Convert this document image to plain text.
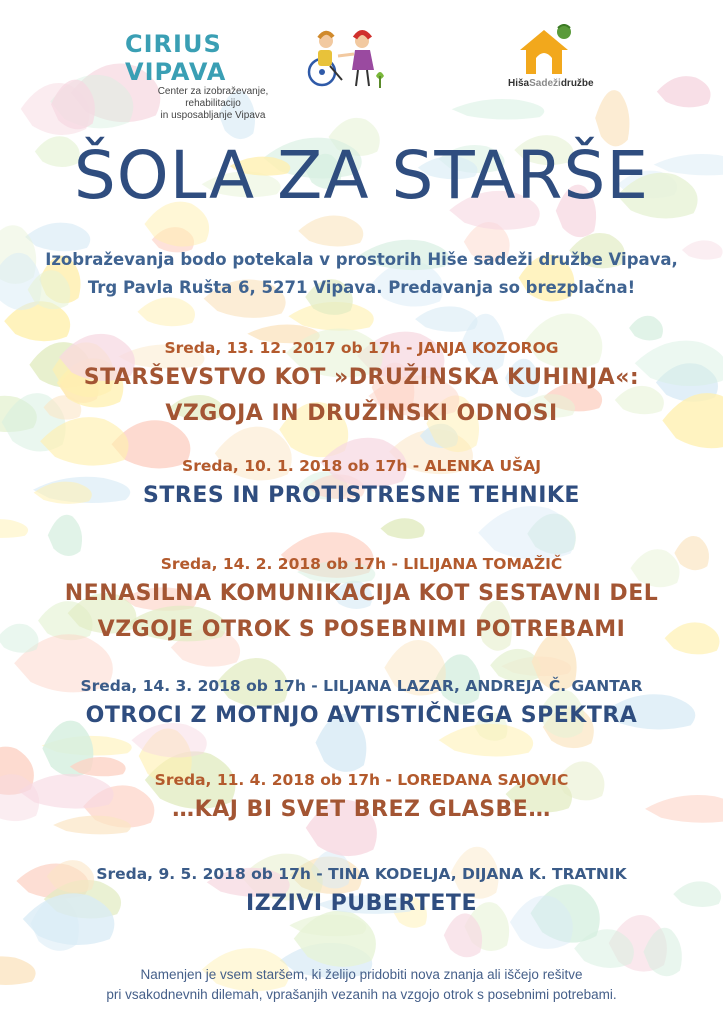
CIRIUS VIPAVA
Center za izobraževanje, rehabilitacijo
in usposabljanje Vipava
HišaSadežidružbe
ŠOLA ZA STARŠE
Izobraževanja bodo potekala v prostorih Hiše sadeži družbe Vipava,
Trg Pavla Rušta 6, 5271 Vipava. Predavanja so brezplačna!
Sreda, 13. 12. 2017 ob 17h - JANJA KOZOROG
STARŠEVSTVO KOT »DRUŽINSKA KUHINJA«:
VZGOJA IN DRUŽINSKI ODNOSI
Sreda, 10. 1. 2018 ob 17h - ALENKA UŠAJ
STRES IN PROTISTRESNE TEHNIKE
Sreda, 14. 2. 2018 ob 17h - LILIJANA TOMAŽIČ
NENASILNA KOMUNIKACIJA KOT SESTAVNI DEL
VZGOJE OTROK S POSEBNIMI POTREBAMI
Sreda, 14. 3. 2018 ob 17h - LILJANA LAZAR, ANDREJA Č. GANTAR
OTROCI Z MOTNJO AVTISTIČNEGA SPEKTRA
Sreda, 11. 4. 2018 ob 17h - LOREDANA SAJOVIC
…KAJ BI SVET BREZ GLASBE…
Sreda, 9. 5. 2018 ob 17h - TINA KODELJA, DIJANA K. TRATNIK
IZZIVI PUBERTETE
Namenjen je vsem staršem, ki želijo pridobiti nova znanja ali iščejo rešitve
pri vsakodnevnih dilemah, vprašanjih vezanih na vzgojo otrok s posebnimi potrebami.
